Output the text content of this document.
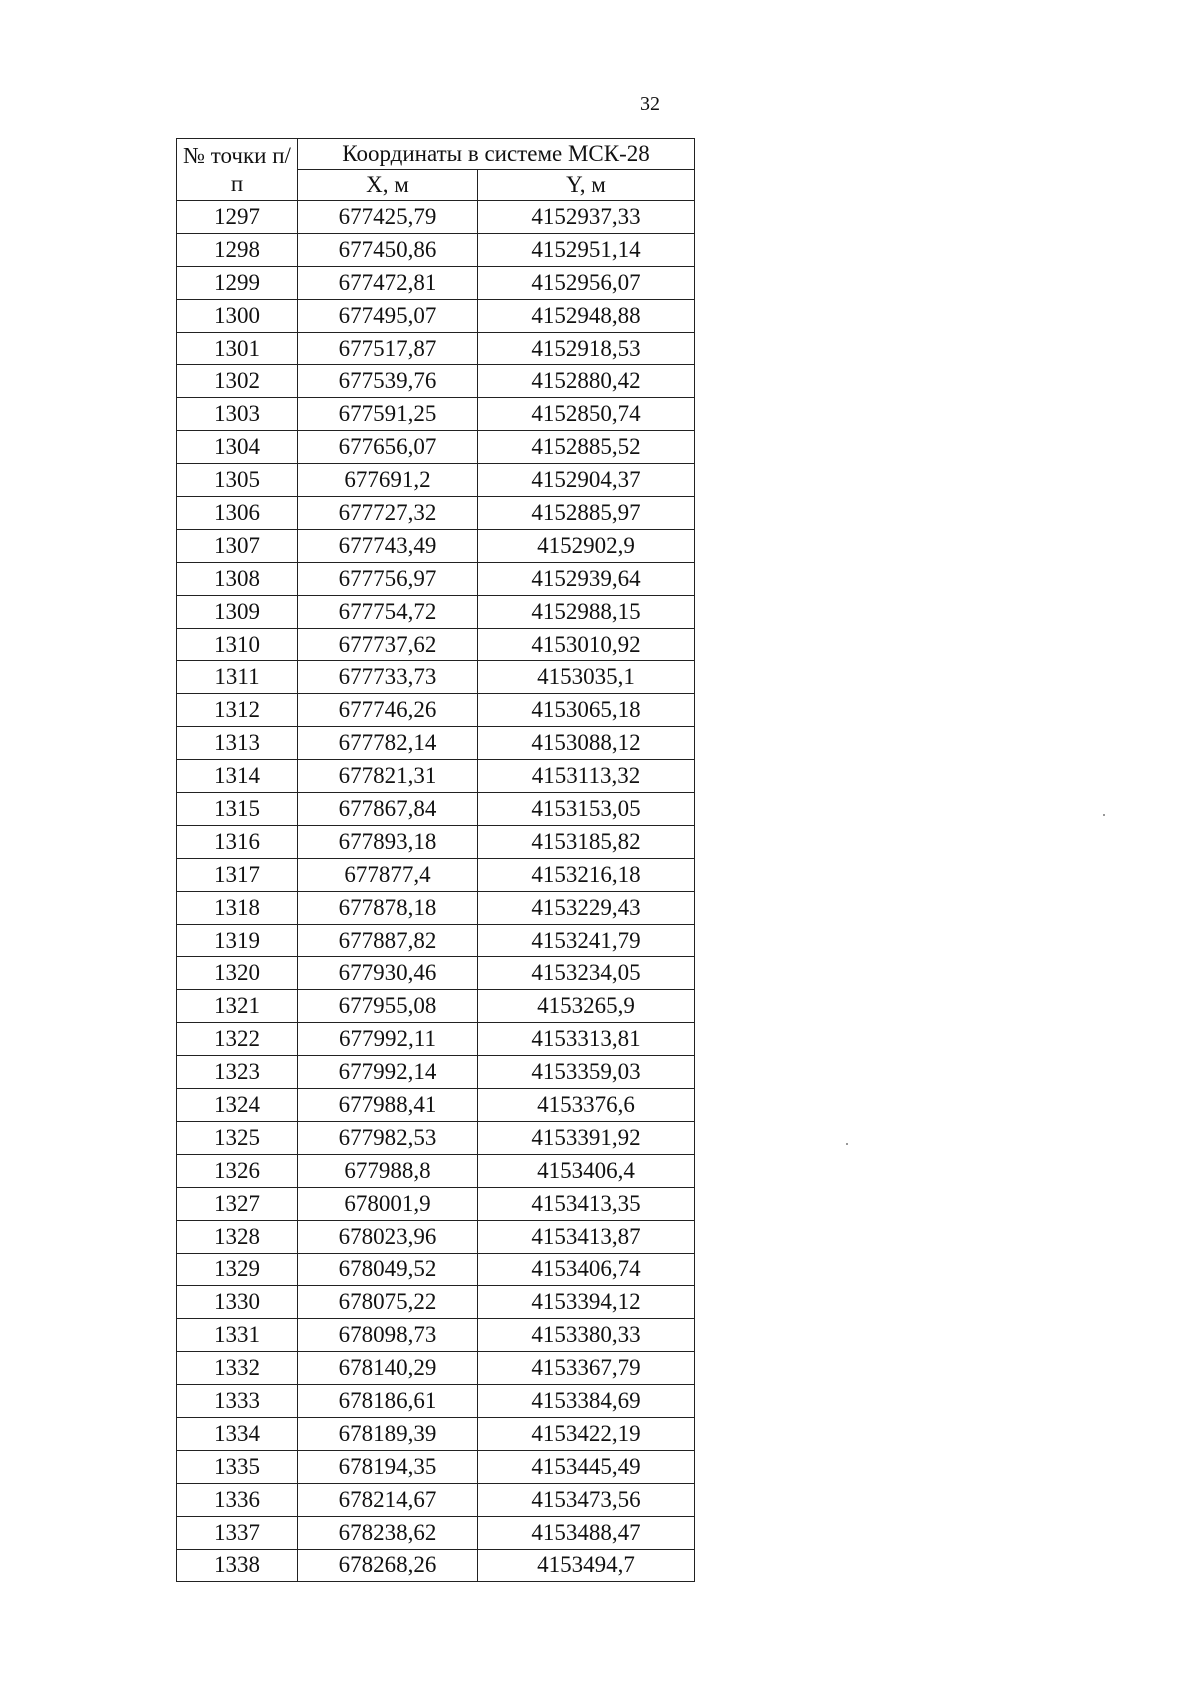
32
№ точки п/п	Координаты в системе МСК-28	
	X, м	Y, м
1297	677425,79	4152937,33
1298	677450,86	4152951,14
1299	677472,81	4152956,07
1300	677495,07	4152948,88
1301	677517,87	4152918,53
1302	677539,76	4152880,42
1303	677591,25	4152850,74
1304	677656,07	4152885,52
1305	677691,2	4152904,37
1306	677727,32	4152885,97
1307	677743,49	4152902,9
1308	677756,97	4152939,64
1309	677754,72	4152988,15
1310	677737,62	4153010,92
1311	677733,73	4153035,1
1312	677746,26	4153065,18
1313	677782,14	4153088,12
1314	677821,31	4153113,32
1315	677867,84	4153153,05
1316	677893,18	4153185,82
1317	677877,4	4153216,18
1318	677878,18	4153229,43
1319	677887,82	4153241,79
1320	677930,46	4153234,05
1321	677955,08	4153265,9
1322	677992,11	4153313,81
1323	677992,14	4153359,03
1324	677988,41	4153376,6
1325	677982,53	4153391,92
1326	677988,8	4153406,4
1327	678001,9	4153413,35
1328	678023,96	4153413,87
1329	678049,52	4153406,74
1330	678075,22	4153394,12
1331	678098,73	4153380,33
1332	678140,29	4153367,79
1333	678186,61	4153384,69
1334	678189,39	4153422,19
1335	678194,35	4153445,49
1336	678214,67	4153473,56
1337	678238,62	4153488,47
1338	678268,26	4153494,7
